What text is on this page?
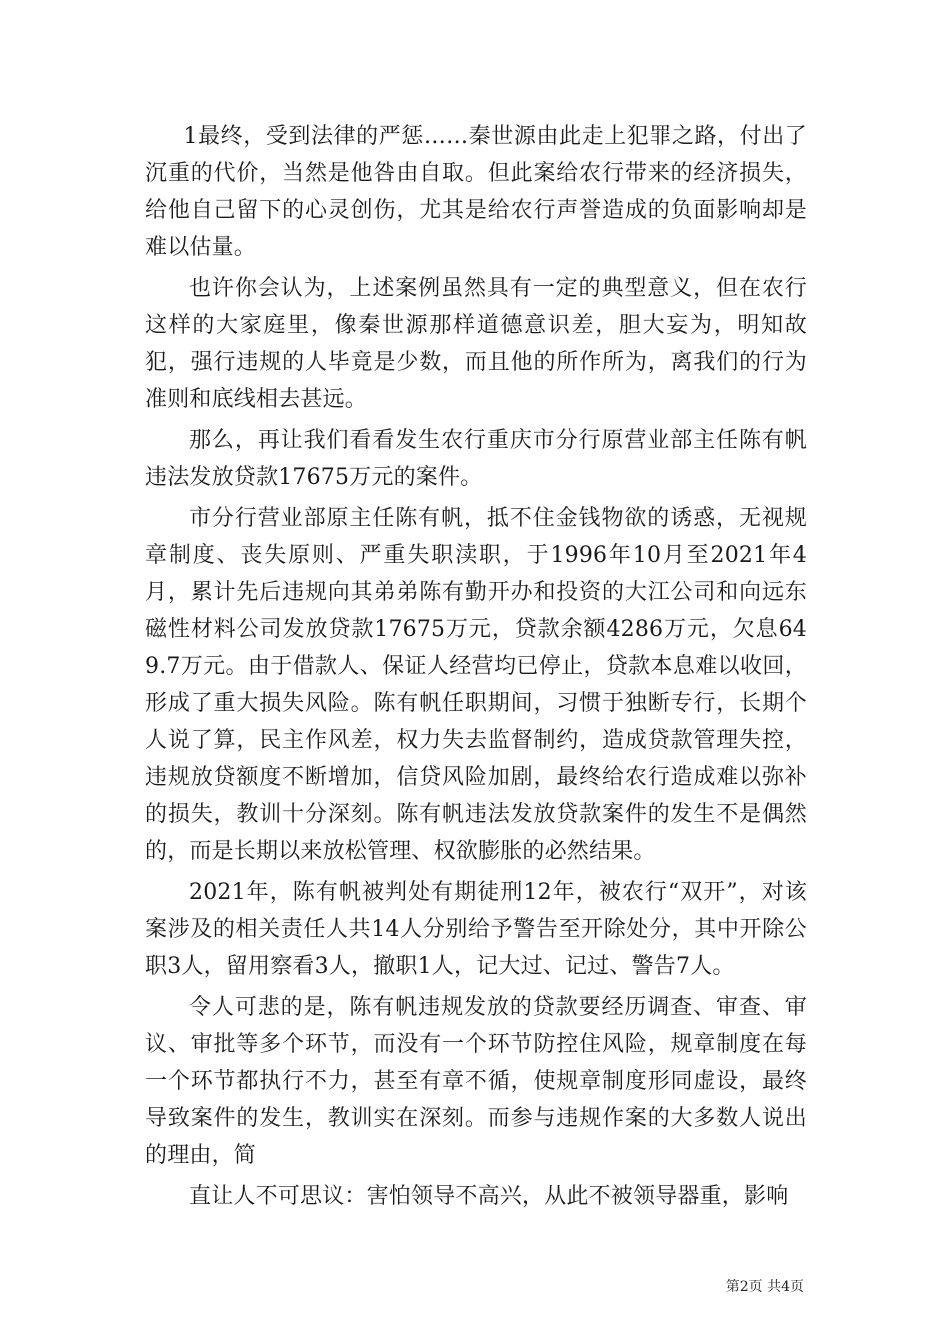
1最终，受到法律的严惩……秦世源由此走上犯罪之路，付出了沉重的代价，当然是他咎由自取。但此案给农行带来的经济损失，给他自己留下的心灵创伤，尤其是给农行声誉造成的负面影响却是难以估量。

也许你会认为，上述案例虽然具有一定的典型意义，但在农行这样的大家庭里，像秦世源那样道德意识差，胆大妄为，明知故犯，强行违规的人毕竟是少数，而且他的所作所为，离我们的行为准则和底线相去甚远。

那么，再让我们看看发生农行重庆市分行原营业部主任陈有帆违法发放贷款17675万元的案件。

市分行营业部原主任陈有帆，抵不住金钱物欲的诱惑，无视规章制度、丧失原则、严重失职渎职，于1996年10月至2021年4月，累计先后违规向其弟弟陈有勤开办和投资的大江公司和向远东磁性材料公司发放贷款17675万元，贷款余额4286万元，欠息649.7万元。由于借款人、保证人经营均已停止，贷款本息难以收回，形成了重大损失风险。陈有帆任职期间，习惯于独断专行，长期个人说了算，民主作风差，权力失去监督制约，造成贷款管理失控，违规放贷额度不断增加，信贷风险加剧，最终给农行造成难以弥补的损失，教训十分深刻。陈有帆违法发放贷款案件的发生不是偶然的，而是长期以来放松管理、权欲膨胀的必然结果。

2021年，陈有帆被判处有期徒刑12年，被农行“双开”，对该案涉及的相关责任人共14人分别给予警告至开除处分，其中开除公职3人，留用察看3人，撤职1人，记大过、记过、警告7人。

令人可悲的是，陈有帆违规发放的贷款要经历调查、审查、审议、审批等多个环节，而没有一个环节防控住风险，规章制度在每一个环节都执行不力，甚至有章不循，使规章制度形同虚设，最终导致案件的发生，教训实在深刻。而参与违规作案的大多数人说出的理由，简

直让人不可思议：害怕领导不高兴，从此不被领导器重，影响

第2页 共4页
